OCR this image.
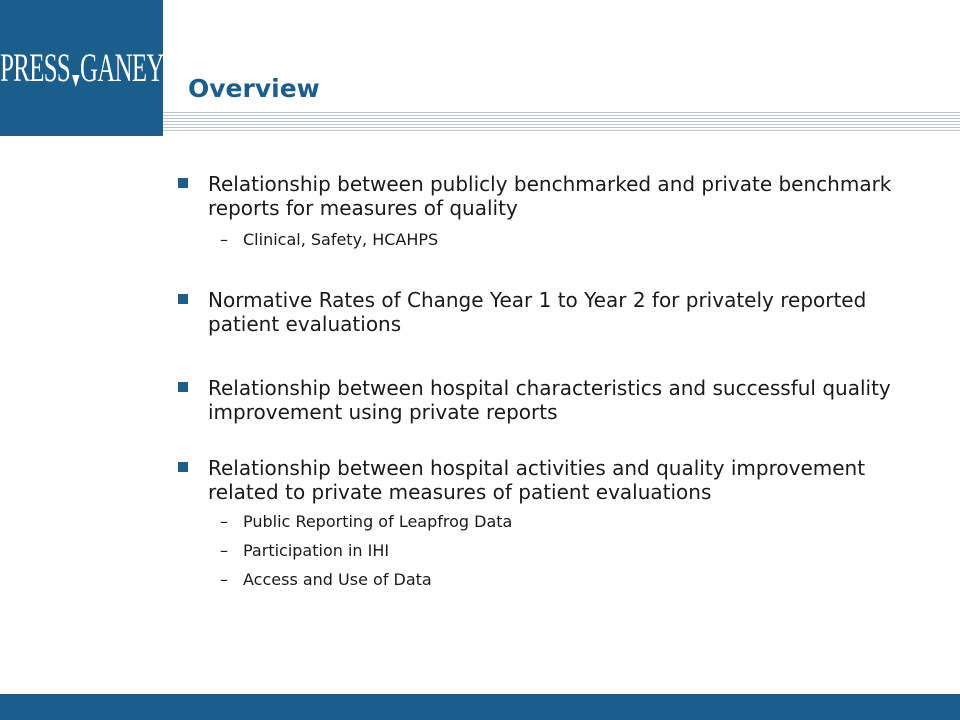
PRESS GANEY Overview
Relationship between publicly benchmarked and private benchmark reports for measures of quality
– Clinical, Safety, HCAHPS
Normative Rates of Change Year 1 to Year 2 for privately reported patient evaluations
Relationship between hospital characteristics and successful quality improvement using private reports
Relationship between hospital activities and quality improvement related to private measures of patient evaluations
– Public Reporting of Leapfrog Data
– Participation in IHI
– Access and Use of Data
